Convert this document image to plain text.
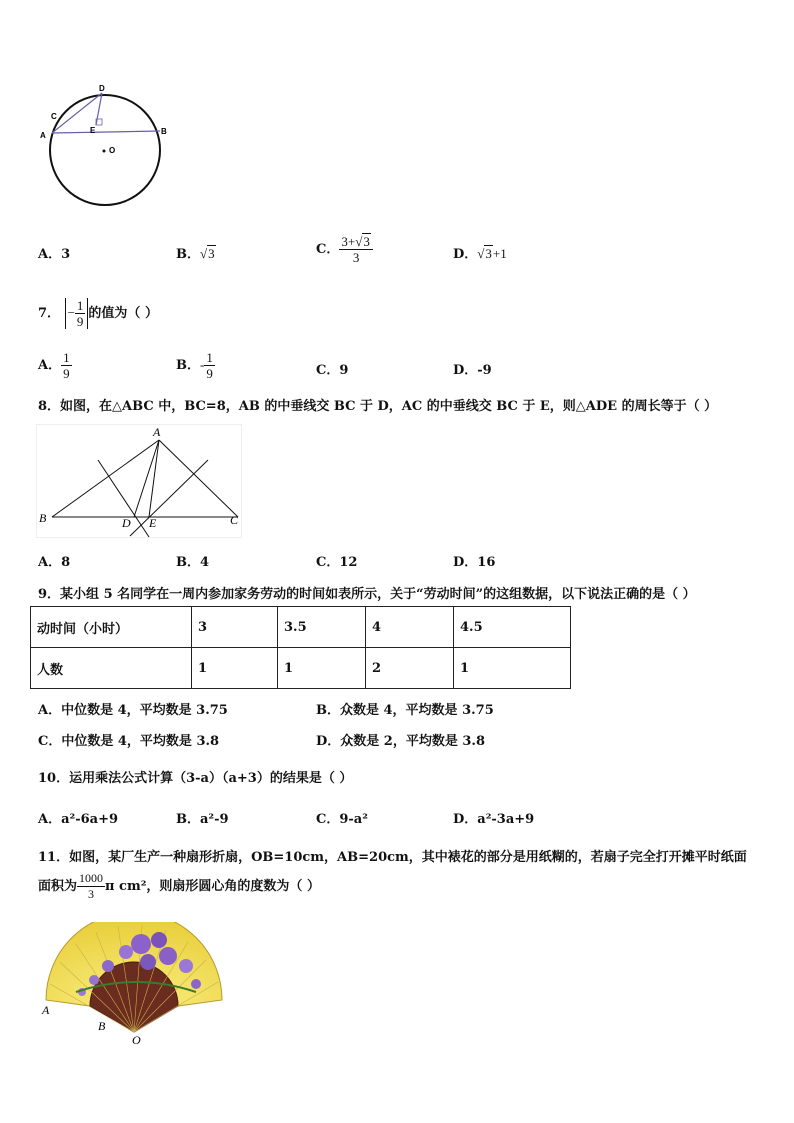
D
C
A
E	B
O
A．3	B．√3	C． $\frac{3+√3}{3}$	D．√3+1
7． − $\frac{1}{9}$ 的值为（ ）
A． $\frac{1}{9}$	B．- $\frac{1}{9}$	C．9	D．-9
8．如图，在△ABC 中，BC=8，AB 的中垂线交 BC 于 D，AC 的中垂线交 BC 于 E，则△ADE 的周长等于（ ）
A
B	C
D E
A．8	B．4	C．12	D．16
9．某小组 5 名同学在一周内参加家务劳动的时间如表所示，关于“劳动时间”的这组数据，以下说法正确的是（ ）
动时间（小时）	3	3.5	4	4.5
人数	1	1	2	1
A．中位数是 4，平均数是 3.75	B．众数是 4，平均数是 3.75
C．中位数是 4，平均数是 3.8	D．众数是 2，平均数是 3.8
10．运用乘法公式计算（3-a）（a+3）的结果是（ ）
A．a²-6a+9	B．a²-9	C．9-a²	D．a²-3a+9
11．如图，某厂生产一种扇形折扇，OB=10cm，AB=20cm，其中裱花的部分是用纸糊的，若扇子完全打开摊平时纸面
面积为 $\frac{1000}{3}$ π cm²，则扇形圆心角的度数为（ ）
A
B
O
